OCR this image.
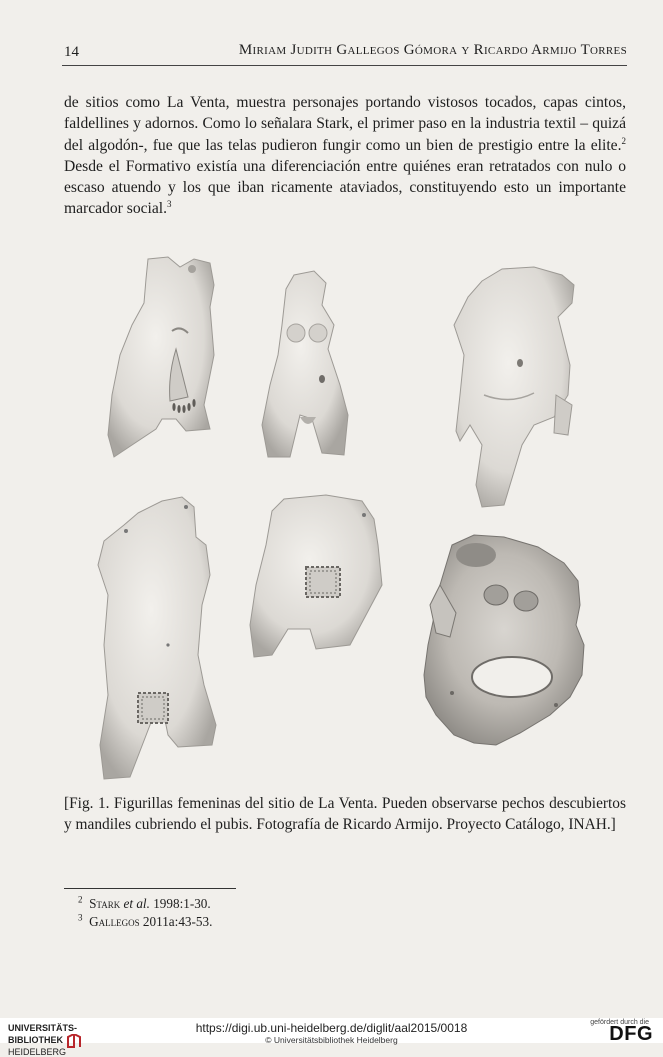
14	Miriam Judith Gallegos Gómora y Ricardo Armijo Torres

de sitios como La Venta, muestra personajes portando vistosos tocados, capas cintos, faldellines y adornos. Como lo señalara Stark, el primer paso en la industria textil – quizá del algodón-, fue que las telas pudieron fungir como un bien de prestigio entre la elite.$^2$ Desde el Formativo existía una diferenciación entre quiénes eran retratados con nulo o escaso atuendo y los que iban ricamente ataviados, constituyendo esto un importante marcador social.$^3$

[Fig. 1. Figurillas femeninas del sitio de La Venta. Pueden observarse pechos descubiertos y mandiles cubriendo el pubis. Fotografía de Ricardo Armijo. Proyecto Catálogo, INAH.]

$^2$ Stark et al. 1998:1-30.
$^3$ Gallegos 2011a:43-53.
UNIVERSITÄTS-
BIBLIOTHEK
HEIDELBERG
https://digi.ub.uni-heidelberg.de/diglit/aal2015/0018
© Universitätsbibliothek Heidelberg
gefördert durch die
DFG
